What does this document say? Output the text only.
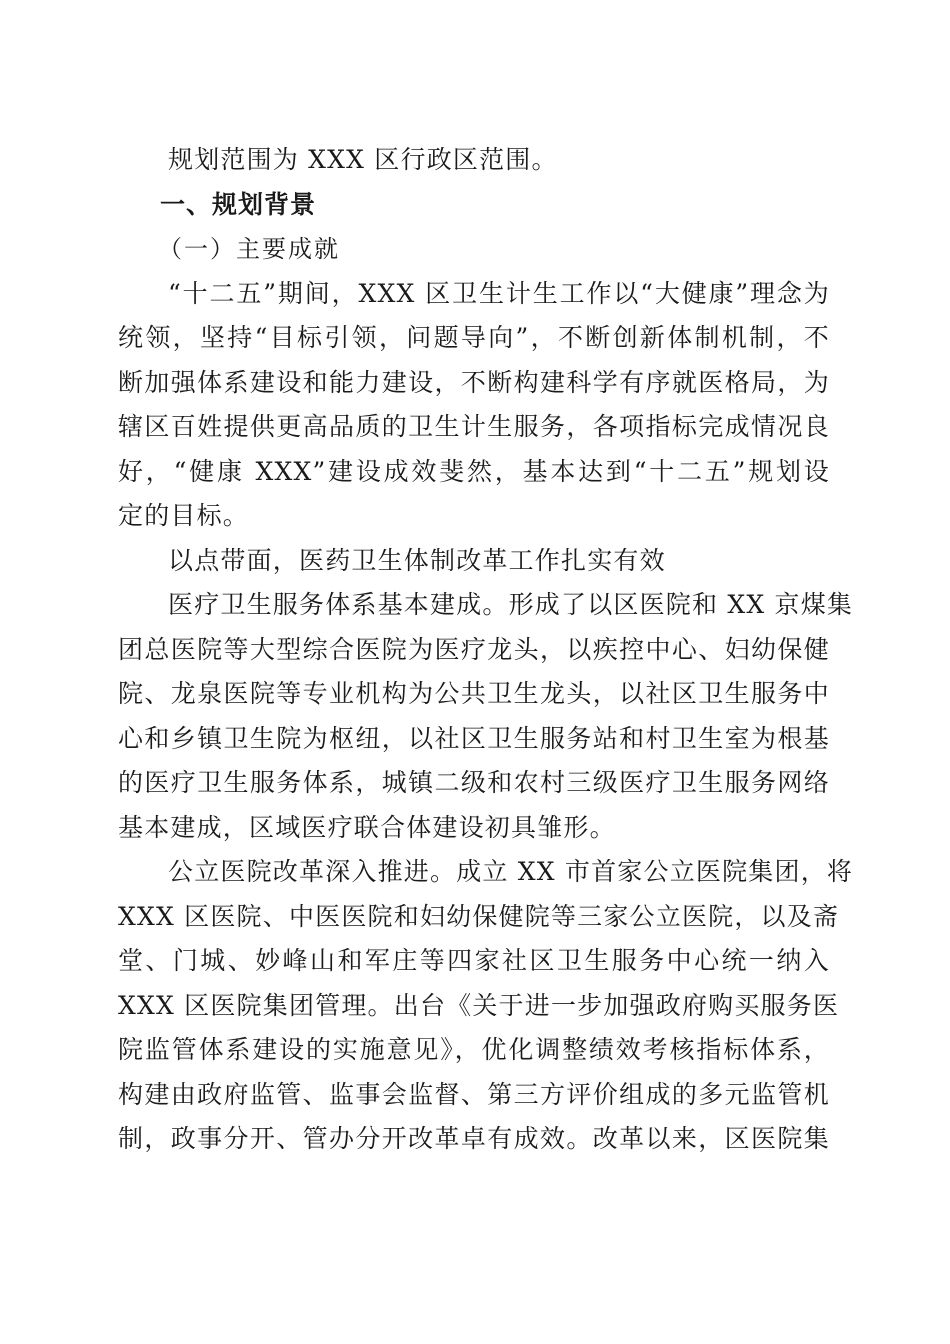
规划范围为 XXX 区行政区范围。
一、规划背景
（一）主要成就
“十二五”期间，XXX 区卫生计生工作以“大健康”理念为
统领，坚持“目标引领，问题导向”，不断创新体制机制，不
断加强体系建设和能力建设，不断构建科学有序就医格局，为
辖区百姓提供更高品质的卫生计生服务，各项指标完成情况良
好，“健康 XXX”建设成效斐然，基本达到“十二五”规划设
定的目标。
以点带面，医药卫生体制改革工作扎实有效
医疗卫生服务体系基本建成。形成了以区医院和 XX 京煤集
团总医院等大型综合医院为医疗龙头，以疾控中心、妇幼保健
院、龙泉医院等专业机构为公共卫生龙头，以社区卫生服务中
心和乡镇卫生院为枢纽，以社区卫生服务站和村卫生室为根基
的医疗卫生服务体系，城镇二级和农村三级医疗卫生服务网络
基本建成，区域医疗联合体建设初具雏形。
公立医院改革深入推进。成立 XX 市首家公立医院集团，将
XXX 区医院、中医医院和妇幼保健院等三家公立医院，以及斋
堂、门城、妙峰山和军庄等四家社区卫生服务中心统一纳入
XXX 区医院集团管理。出台《关于进一步加强政府购买服务医
院监管体系建设的实施意见》，优化调整绩效考核指标体系，
构建由政府监管、监事会监督、第三方评价组成的多元监管机
制，政事分开、管办分开改革卓有成效。改革以来，区医院集
